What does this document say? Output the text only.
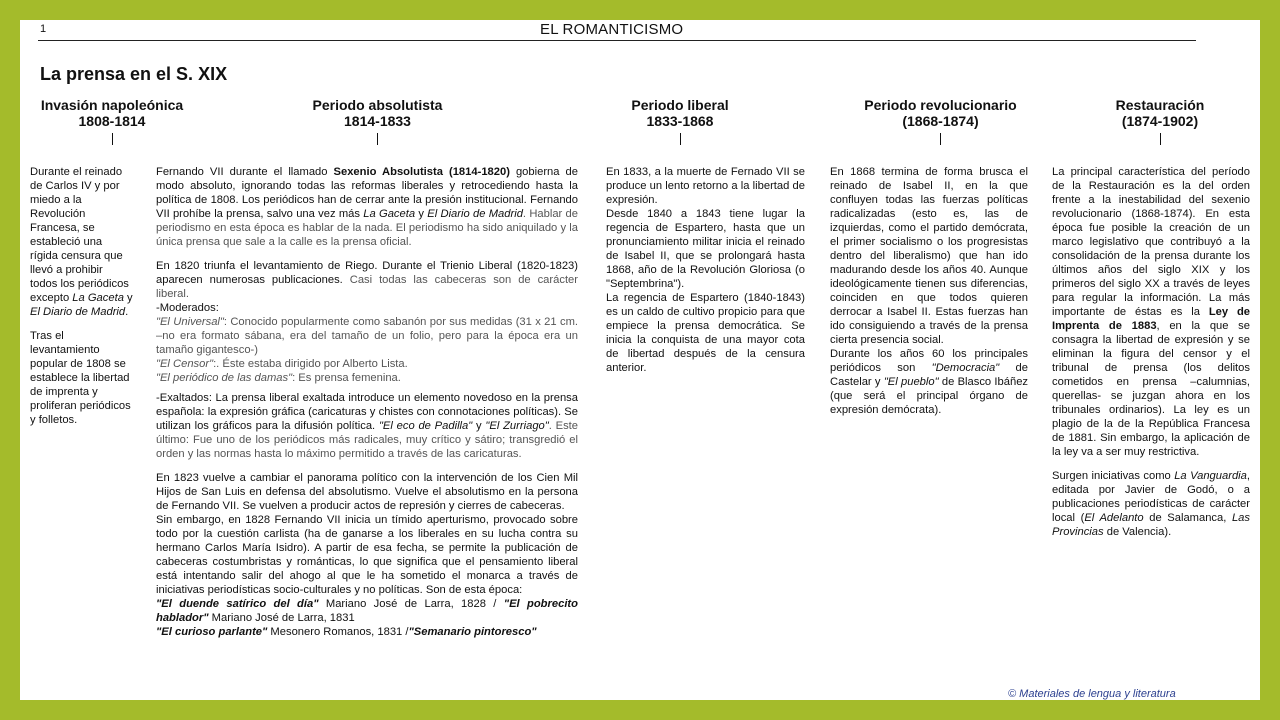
1	EL ROMANTICISMO
La prensa en el S. XIX
Invasión napoleónica
1808-1814
Periodo absolutista
1814-1833
Periodo liberal
1833-1868
Periodo revolucionario
(1868-1874)
Restauración
(1874-1902)

Durante el reinado de Carlos IV y por miedo a la Revolución Francesa, se estableció una rígida censura que llevó a prohibir todos los periódicos excepto La Gaceta y El Diario de Madrid.

Tras el levantamiento popular de 1808 se establece la libertad de imprenta y proliferan periódicos y folletos.

Fernando VII durante el llamado Sexenio Absolutista (1814-1820) gobierna de modo absoluto, ignorando todas las reformas liberales y retrocediendo hasta la política de 1808. Los periódicos han de cerrar ante la presión institucional. Fernando VII prohíbe la prensa, salvo una vez más La Gaceta y El Diario de Madrid. Hablar de periodismo en esta época es hablar de la nada. El periodismo ha sido aniquilado y la única prensa que sale a la calle es la prensa oficial.

En 1820 triunfa el levantamiento de Riego. Durante el Trienio Liberal (1820-1823) aparecen numerosas publicaciones. Casi todas las cabeceras son de carácter liberal.

-Moderados:
"El Universal": Conocido popularmente como sabanón por sus medidas (31 x 21 cm. –no era formato sábana, era del tamaño de un folio, pero para la época era un tamaño gigantesco-)
"El Censor":. Éste estaba dirigido por Alberto Lista.
"El periódico de las damas": Es prensa femenina.

-Exaltados: La prensa liberal exaltada introduce un elemento novedoso en la prensa española: la expresión gráfica (caricaturas y chistes con connotaciones políticas). Se utilizan los gráficos para la difusión política. "El eco de Padilla" y "El Zurriago". Este último: Fue uno de los periódicos más radicales, muy crítico y sátiro; transgredió el orden y las normas hasta lo máximo permitido a través de las caricaturas.

En 1823 vuelve a cambiar el panorama político con la intervención de los Cien Mil Hijos de San Luis en defensa del absolutismo. Vuelve el absolutismo en la persona de Fernando VII. Se vuelven a producir actos de represión y cierres de cabeceras.
Sin embargo, en 1828 Fernando VII inicia un tímido aperturismo, provocado sobre todo por la cuestión carlista (ha de ganarse a los liberales en su lucha contra su hermano Carlos María Isidro). A partir de esa fecha, se permite la publicación de cabeceras costumbristas y románticas, lo que significa que el pensamiento liberal está intentando salir del ahogo al que le ha sometido el monarca a través de iniciativas periodísticas socio-culturales y no políticas. Son de esta época:
"El duende satírico del día" Mariano José de Larra, 1828 / "El pobrecito hablador" Mariano José de Larra, 1831
"El curioso parlante" Mesonero Romanos, 1831 /"Semanario pintoresco"
En 1833, a la muerte de Fernado VII se produce un lento retorno a la libertad de expresión.
Desde 1840 a 1843 tiene lugar la regencia de Espartero, hasta que un pronunciamiento militar inicia el reinado de Isabel II, que se prolongará hasta 1868, año de la Revolución Gloriosa (o "Septembrina").
La regencia de Espartero (1840-1843) es un caldo de cultivo propicio para que empiece la prensa democrática. Se inicia la conquista de una mayor cota de libertad después de la censura anterior.
En 1868 termina de forma brusca el reinado de Isabel II, en la que confluyen todas las fuerzas políticas radicalizadas (esto es, las de izquierdas, como el partido demócrata, el primer socialismo o los progresistas dentro del liberalismo) que han ido madurando desde los años 40. Aunque ideológicamente tienen sus diferencias, coinciden en que todos quieren derrocar a Isabel II. Estas fuerzas han ido consiguiendo a través de la prensa cierta presencia social.
Durante los años 60 los principales periódicos son "Democracia" de Castelar y "El pueblo" de Blasco Ibáñez (que será el principal órgano de expresión demócrata).

La principal característica del período de la Restauración es la del orden frente a la inestabilidad del sexenio revolucionario (1868-1874). En esta época fue posible la creación de un marco legislativo que contribuyó a la consolidación de la prensa durante los últimos años del siglo XIX y los primeros del siglo XX a través de leyes para regular la información. La más importante de éstas es la Ley de Imprenta de 1883, en la que se consagra la libertad de expresión y se eliminan la figura del censor y el tribunal de prensa (los delitos cometidos en prensa –calumnias, querellas- se juzgan ahora en los tribunales ordinarios). La ley es un plagio de la de la República Francesa de 1881. Sin embargo, la aplicación de la ley va a ser muy restrictiva.

Surgen iniciativas como La Vanguardia, editada por Javier de Godó, o a publicaciones periodísticas de carácter local (El Adelanto de Salamanca, Las Provincias de Valencia).

© Materiales de lengua y literatura
